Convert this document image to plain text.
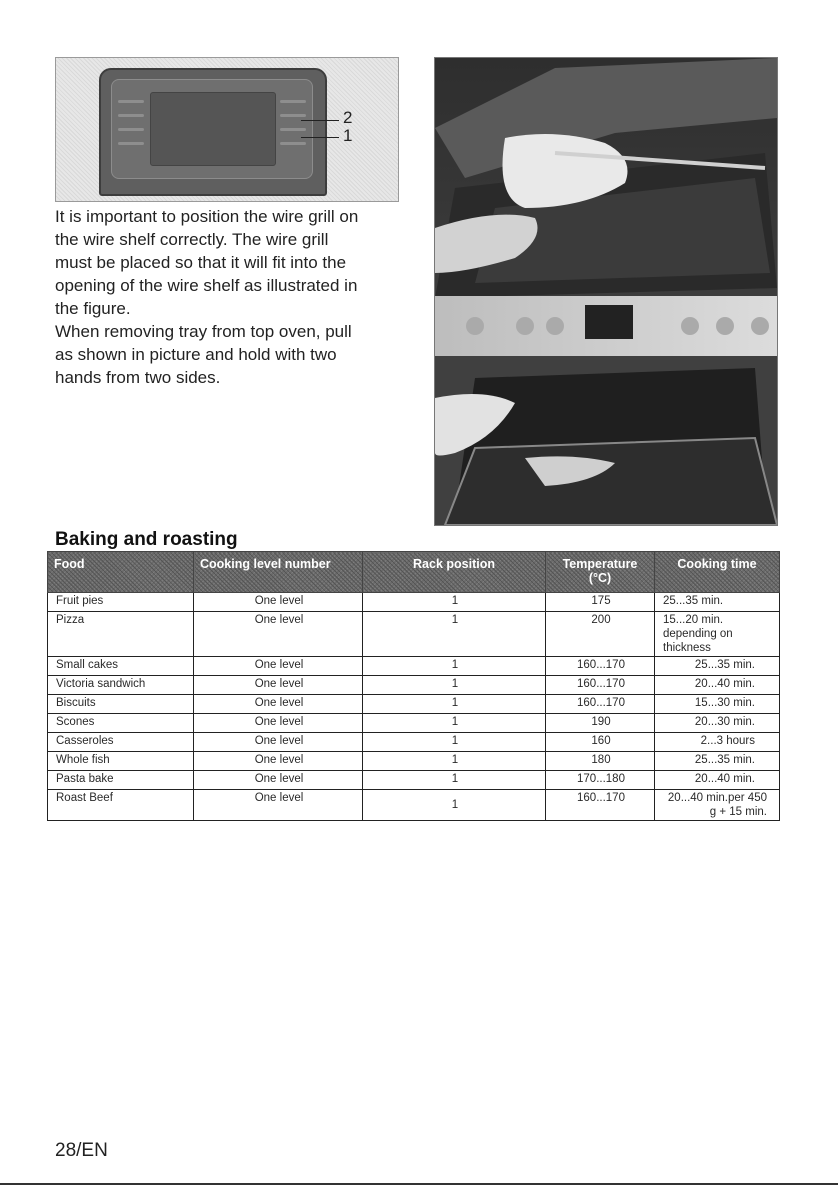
2
1

It is important to position the wire grill on
the wire shelf correctly. The wire grill
must be placed so that it will fit into the
opening of the wire shelf as illustrated in
the figure.
When removing tray from top oven, pull
as shown in picture and hold with two
hands from two sides.

Baking and roasting
Food	Cooking level number	Rack position	Temperature (°C)	Cooking time
Fruit pies	One level	1	175	25...35 min.
Pizza	One level	1	200	15...20 min. depending on thickness
Small cakes	One level	1	160...170	25...35 min.
Victoria sandwich	One level	1	160...170	20...40 min.
Biscuits	One level	1	160...170	15...30 min.
Scones	One level	1	190	20...30 min.
Casseroles	One level	1	160	2...3 hours
Whole fish	One level	1	180	25...35 min.
Pasta bake	One level	1	170...180	20...40 min.
Roast Beef	One level	1	160...170	20...40 min.per 450 g + 15 min.

28/EN
